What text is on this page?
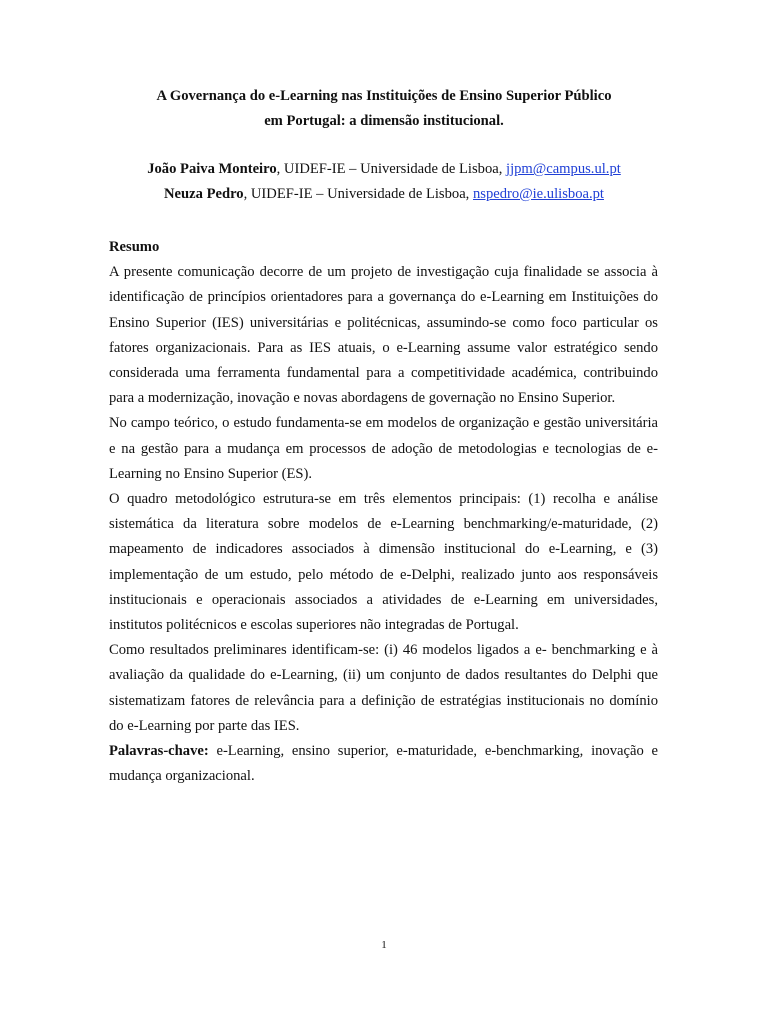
A Governança do e-Learning nas Instituições de Ensino Superior Público
em Portugal: a dimensão institucional.
João Paiva Monteiro, UIDEF-IE – Universidade de Lisboa, jjpm@campus.ul.pt
Neuza Pedro, UIDEF-IE – Universidade de Lisboa, nspedro@ie.ulisboa.pt

Resumo

A presente comunicação decorre de um projeto de investigação cuja finalidade se associa à identificação de princípios orientadores para a governança do e-Learning em Instituições do Ensino Superior (IES) universitárias e politécnicas, assumindo-se como foco particular os fatores organizacionais. Para as IES atuais, o e-Learning assume valor estratégico sendo considerada uma ferramenta fundamental para a competitividade académica, contribuindo para a modernização, inovação e novas abordagens de governação no Ensino Superior.

No campo teórico, o estudo fundamenta-se em modelos de organização e gestão universitária e na gestão para a mudança em processos de adoção de metodologias e tecnologias de e-Learning no Ensino Superior (ES).

O quadro metodológico estrutura-se em três elementos principais: (1) recolha e análise sistemática da literatura sobre modelos de e-Learning benchmarking/e-maturidade, (2) mapeamento de indicadores associados à dimensão institucional do e-Learning, e (3) implementação de um estudo, pelo método de e-Delphi, realizado junto aos responsáveis institucionais e operacionais associados a atividades de e-Learning em universidades, institutos politécnicos e escolas superiores não integradas de Portugal.

Como resultados preliminares identificam-se: (i) 46 modelos ligados a e- benchmarking e à avaliação da qualidade do e-Learning, (ii) um conjunto de dados resultantes do Delphi que sistematizam fatores de relevância para a definição de estratégias institucionais no domínio do e-Learning por parte das IES.

Palavras-chave: e-Learning, ensino superior, e-maturidade, e-benchmarking, inovação e mudança organizacional.

1
